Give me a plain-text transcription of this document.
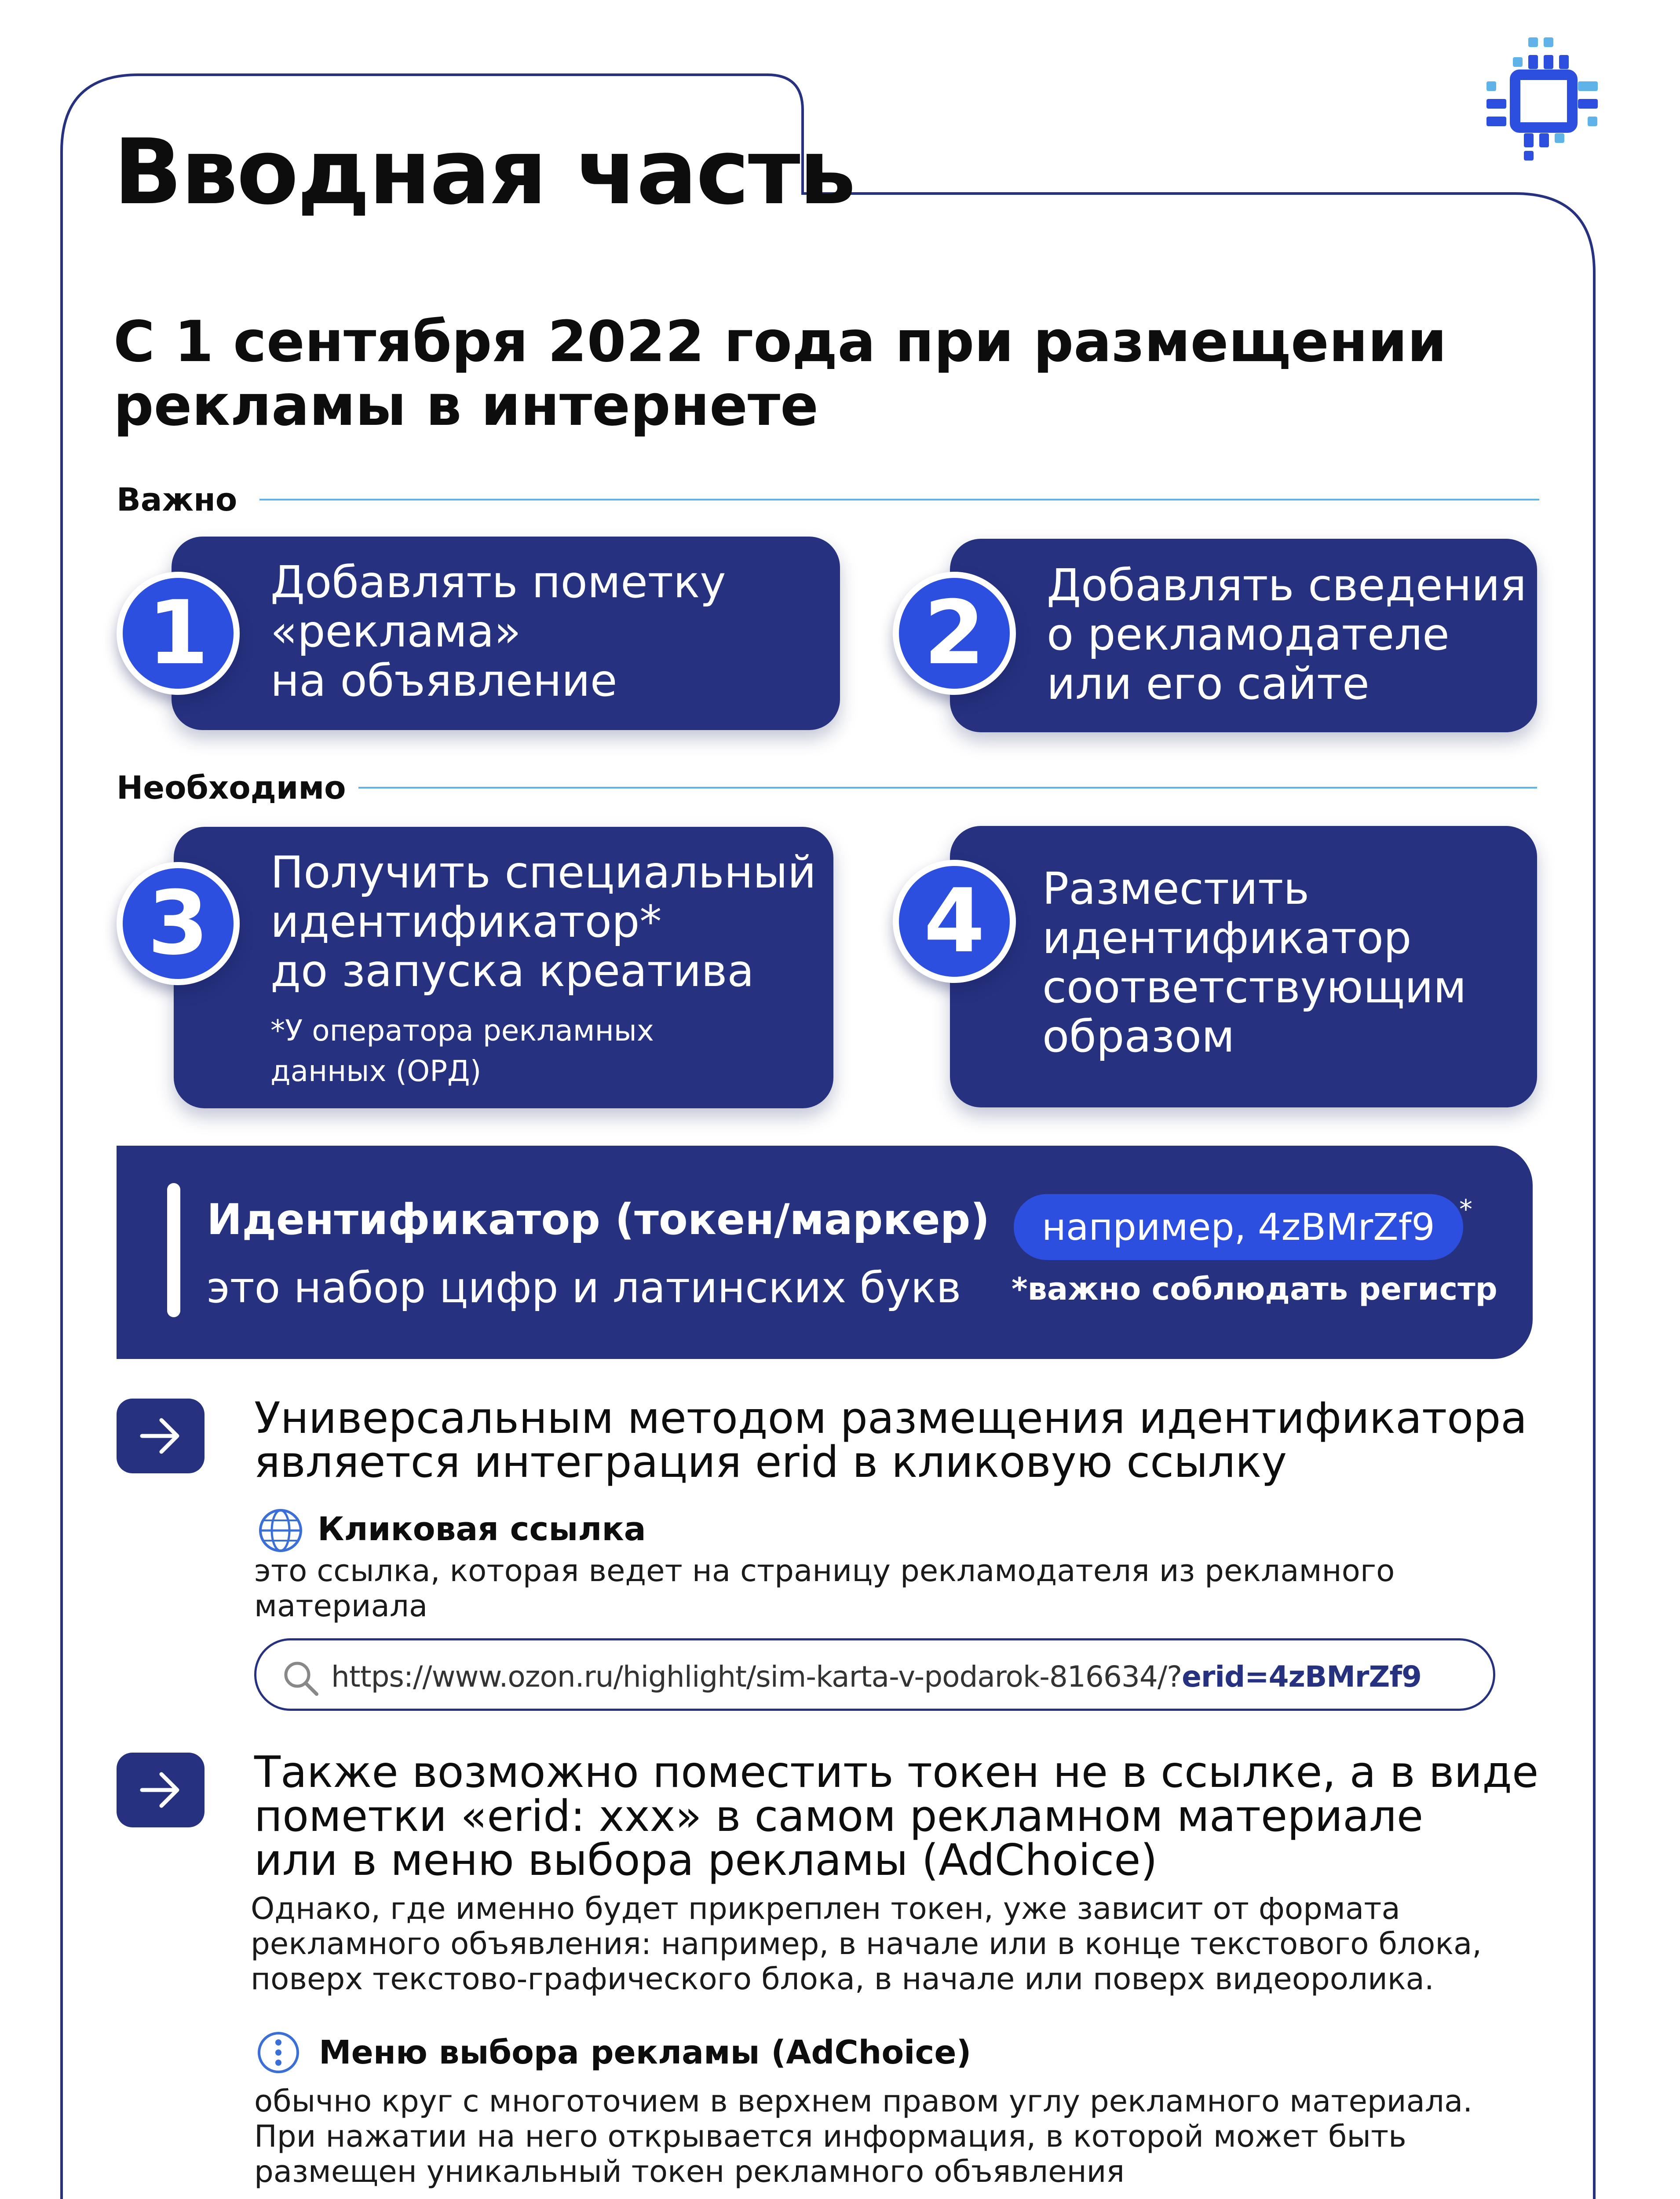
Вводная часть
С 1 сентября 2022 года при размещении рекламы в интернете
Важно
Добавлять пометку
«реклама»
на объявление
1	Добавлять сведения
о рекламодателе
или его сайте
2
Необходимо
Получить специальный
идентификатор*
до запуска креатива
*У оператора рекламных
данных (ОРД)
3	Разместить
идентификатор
соответствующим
образом
4
Идентификатор (токен/маркер)
это набор цифр и латинских букв
например, 4zBMrZf9 *
*важно соблюдать регистр
Универсальным методом размещения идентификатора
является интеграция erid в кликовую ссылку
Кликовая ссылка
это ссылка, которая ведет на страницу рекламодателя из рекламного
материала
https://www.ozon.ru/highlight/sim-karta-v-podarok-816634/?erid=4zBMrZf9
Также возможно поместить токен не в ссылке, а в виде
пометки «erid: xxx» в самом рекламном материале
или в меню выбора рекламы (AdChoice)
Однако, где именно будет прикреплен токен, уже зависит от формата
рекламного объявления: например, в начале или в конце текстового блока,
поверх текстово-графического блока, в начале или поверх видеоролика.
Меню выбора рекламы (AdChoice)
обычно круг с многоточием в верхнем правом углу рекламного материала.
При нажатии на него открывается информация, в которой может быть
размещен уникальный токен рекламного объявления
